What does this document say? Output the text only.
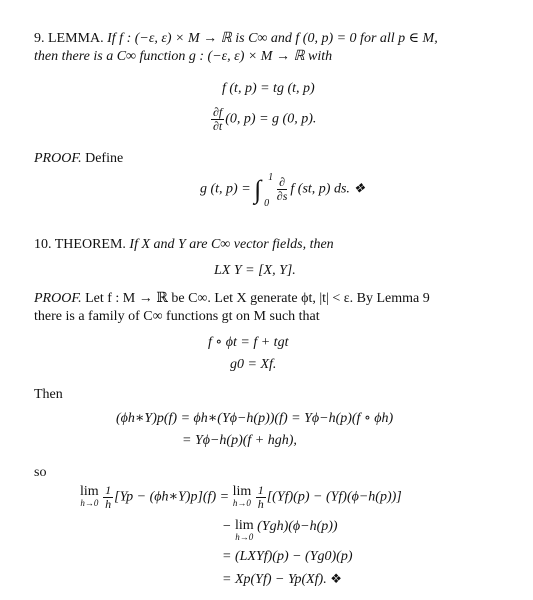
9. LEMMA. If f : (−ε, ε) × M → ℝ is C∞ and f (0, p) = 0 for all p ∈ M,
then there is a C∞ function g : (−ε, ε) × M → ℝ with
f (t, p) = tg (t, p)
$\frac{\partial f}{\partial t} (0$, p) = g (0, p).
PROOF. Define
g (t, p) = ∫ 1
0
$\frac{\partial}{\partial s}$ f (st, p) ds. ❖
10. THEOREM. If X and Y are C∞ vector fields, then
LX Y = [X, Y].
PROOF. Let f : M → ℝ be C∞. Let X generate ϕt, |t| < ε. By Lemma 9
there is a family of C∞ functions gt on M such that
f ∘ ϕt = f + tgt
g0 = Xf.
Then
(ϕh∗Y)p(f) = ϕh∗(Yϕ−h(p))(f) = Yϕ−h(p)(f ∘ ϕh)
= Yϕ−h(p)(f + hgh),
so
lim
h→0
$\frac{1}{h} [Yp$ − (ϕh∗Y)p](f) = lim
h→0
$\frac{1}{h} [(Yf)(p) - (Yf)(\phi-h(p))]$
− lim
h→0
(Ygh)(ϕ−h(p))
= (LXYf)(p) − (Yg0)(p)
= Xp(Yf) − Yp(Xf). ❖
